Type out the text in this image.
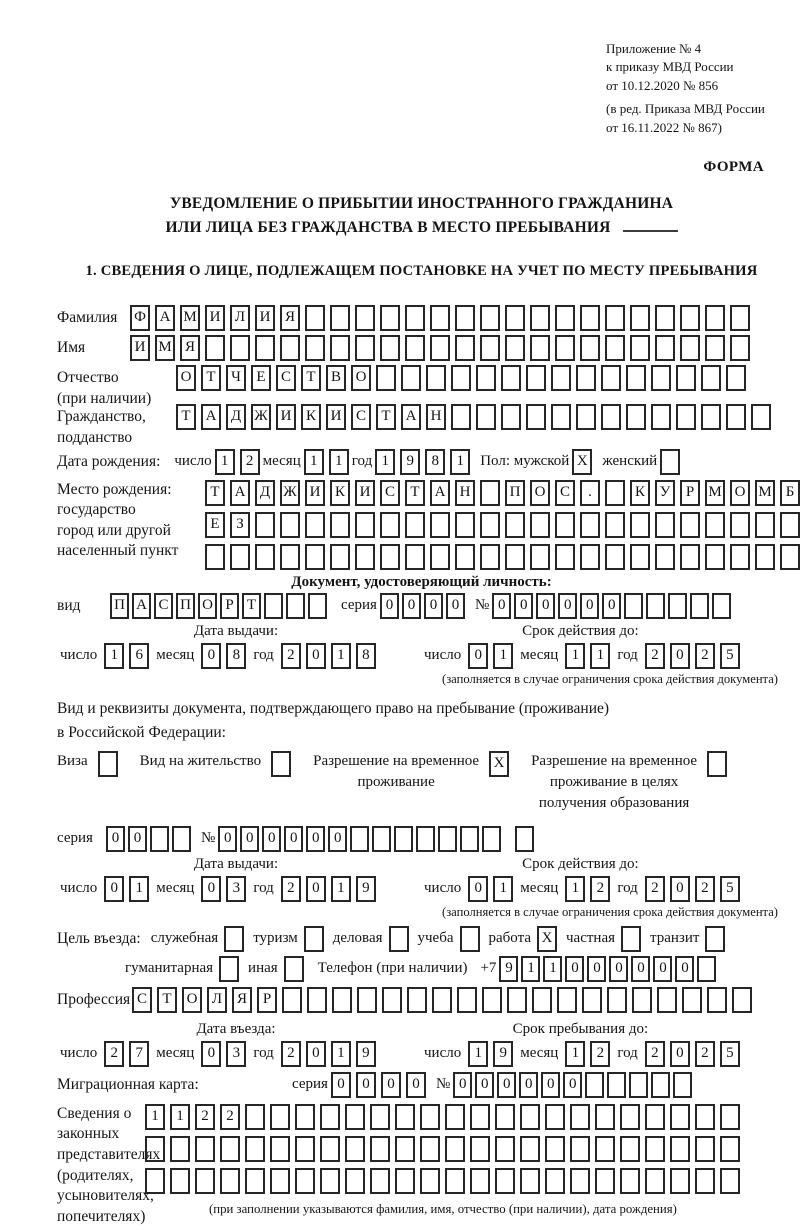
Приложение № 4
к приказу МВД России
от 10.12.2020 № 856
(в ред. Приказа МВД России
от 16.11.2022 № 867)
ФОРМА
УВЕДОМЛЕНИЕ О ПРИБЫТИИ ИНОСТРАННОГО ГРАЖДАНИНА
ИЛИ ЛИЦА БЕЗ ГРАЖДАНСТВА В МЕСТО ПРЕБЫВАНИЯ
1. СВЕДЕНИЯ О ЛИЦЕ, ПОДЛЕЖАЩЕМ ПОСТАНОВКЕ НА УЧЕТ ПО МЕСТУ ПРЕБЫВАНИЯ
Фамилия	Ф А М И Л И Я

Имя	И М Я

Отчество
(при наличии)
О Т	Ч	Е	С	Т	В О

Гражданство,
подданство
Т	А Д Ж И К И С	Т	А Н

Дата рождения: число 1	2 месяц 1	1 год 1	9	8	1	Пол: мужской X женский

Место рождения:
государство
город или другой
населенный пункт
Т	А Д Ж И К И С	Т	А Н
	П О С	.
	К У	Р М О М Б
Е	З

Документ, удостоверяющий личность:
вид	П А С П О Р Т

	серия 0 0 0 0	№ 0 0 0 0 0 0

Дата выдачи:
число 1	6 месяц 0	8 год 2	0	1	8
Срок действия до:
число 0	1 месяц 1	1 год 2	0	2	5
(заполняется в случае ограничения срока действия документа)
Вид и реквизиты документа, подтверждающего право на пребывание (проживание)
в Российской Федерации:
Виза
	Вид на жительство
	Разрешение на временное
проживание
X	Разрешение на временное
проживание в целях
получения образования

серия	0 0

	№ 0 0 0 0 0 0

Дата выдачи:
число 0	1 месяц 0	3 год 2	0	1	9
Срок действия до:
число 0	1 месяц 1	2 год 2	0	2	5
(заполняется в случае ограничения срока действия документа)
Цель въезда: служебная
туризм
деловая
учеба
работа X частная
транзит

гуманитарная
иная
	Телефон (при наличии) +7 9 1 1 0 0 0 0 0 0

Профессия С	Т	О Л Я	Р

Дата въезда:
число 2	7 месяц 0	3 год 2	0	1	9
Срок пребывания до:
число 1	9 месяц 1	2 год 2	0	2	5
Миграционная карта:	серия 0	0	0	0	№ 0 0 0 0 0 0

Сведения о
законных
представителях
(родителях,
усыновителях,
попечителях)
1	1	2	2

(при заполнении указываются фамилия, имя, отчество (при наличии), дата рождения)
